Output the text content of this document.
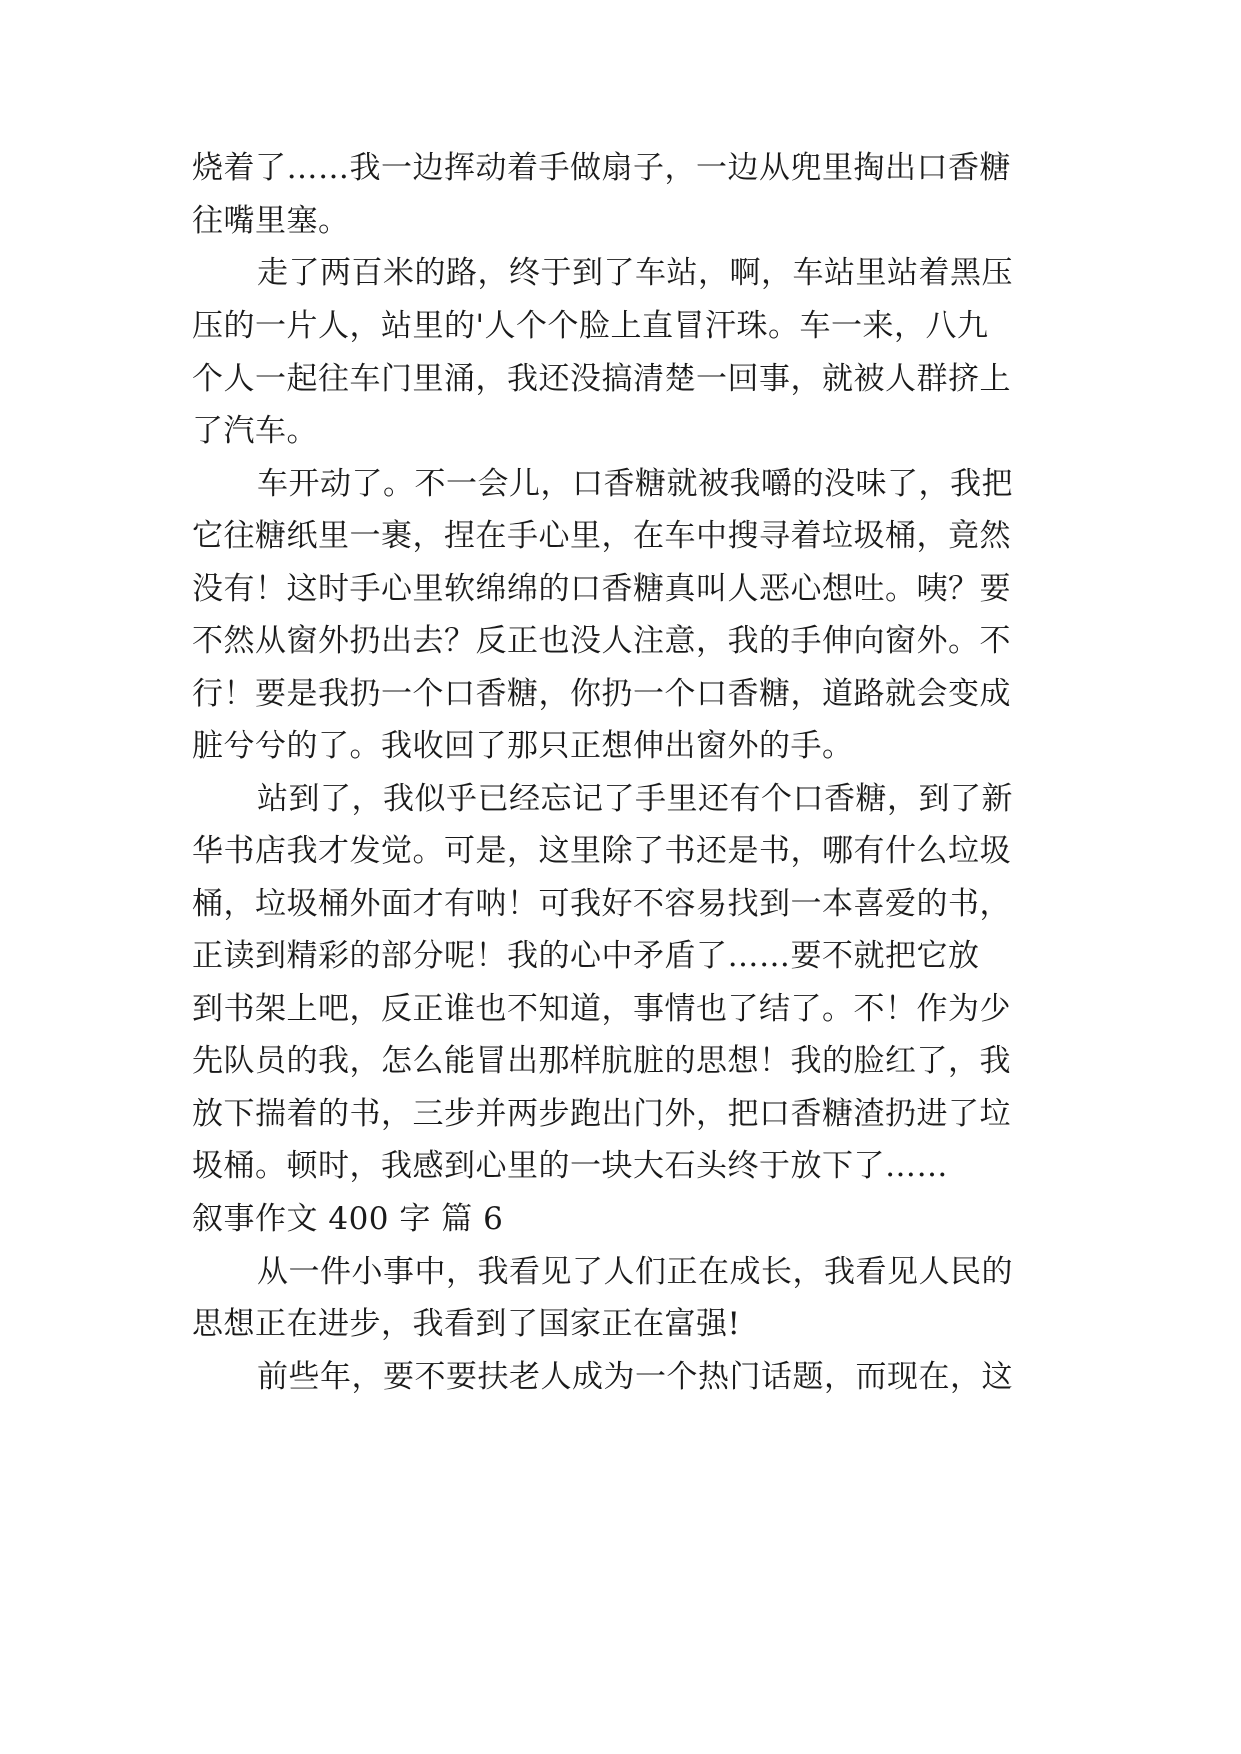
烧着了……我一边挥动着手做扇子，一边从兜里掏出口香糖
往嘴里塞。
走了两百米的路，终于到了车站，啊，车站里站着黑压
压的一片人，站里的'人个个脸上直冒汗珠。车一来，八九
个人一起往车门里涌，我还没搞清楚一回事，就被人群挤上
了汽车。
车开动了。不一会儿，口香糖就被我嚼的没味了，我把
它往糖纸里一裹，捏在手心里，在车中搜寻着垃圾桶，竟然
没有！这时手心里软绵绵的口香糖真叫人恶心想吐。咦？要
不然从窗外扔出去？反正也没人注意，我的手伸向窗外。不
行！要是我扔一个口香糖，你扔一个口香糖，道路就会变成
脏兮兮的了。我收回了那只正想伸出窗外的手。
站到了，我似乎已经忘记了手里还有个口香糖，到了新
华书店我才发觉。可是，这里除了书还是书，哪有什么垃圾
桶，垃圾桶外面才有呐！可我好不容易找到一本喜爱的书，
正读到精彩的部分呢！我的心中矛盾了……要不就把它放
到书架上吧，反正谁也不知道，事情也了结了。不！作为少
先队员的我，怎么能冒出那样肮脏的思想！我的脸红了，我
放下揣着的书，三步并两步跑出门外，把口香糖渣扔进了垃
圾桶。顿时，我感到心里的一块大石头终于放下了……
叙事作文 400 字 篇 6
从一件小事中，我看见了人们正在成长，我看见人民的
思想正在进步，我看到了国家正在富强!
前些年，要不要扶老人成为一个热门话题，而现在，这
